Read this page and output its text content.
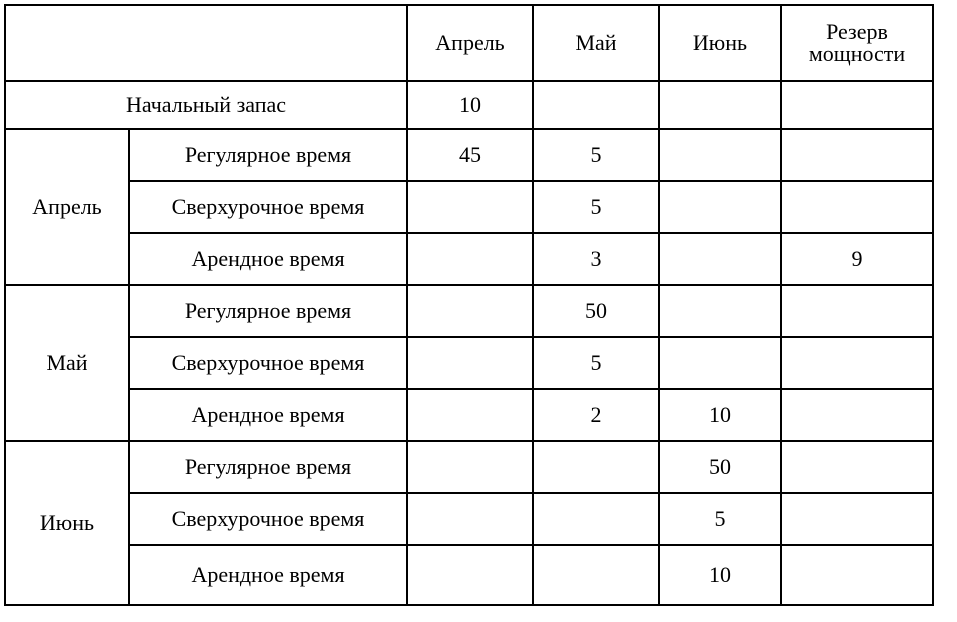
		Апрель	Май	Июнь	Резерв
мощности
Начальный запас		10			
Апрель	Регулярное время	45	5		
	Сверхурочное время		5		
	Арендное время		3		9
Май	Регулярное время		50		
	Сверхурочное время		5		
	Арендное время		2	10	
Июнь	Регулярное время			50	
	Сверхурочное время			5	
	Арендное время			10	
